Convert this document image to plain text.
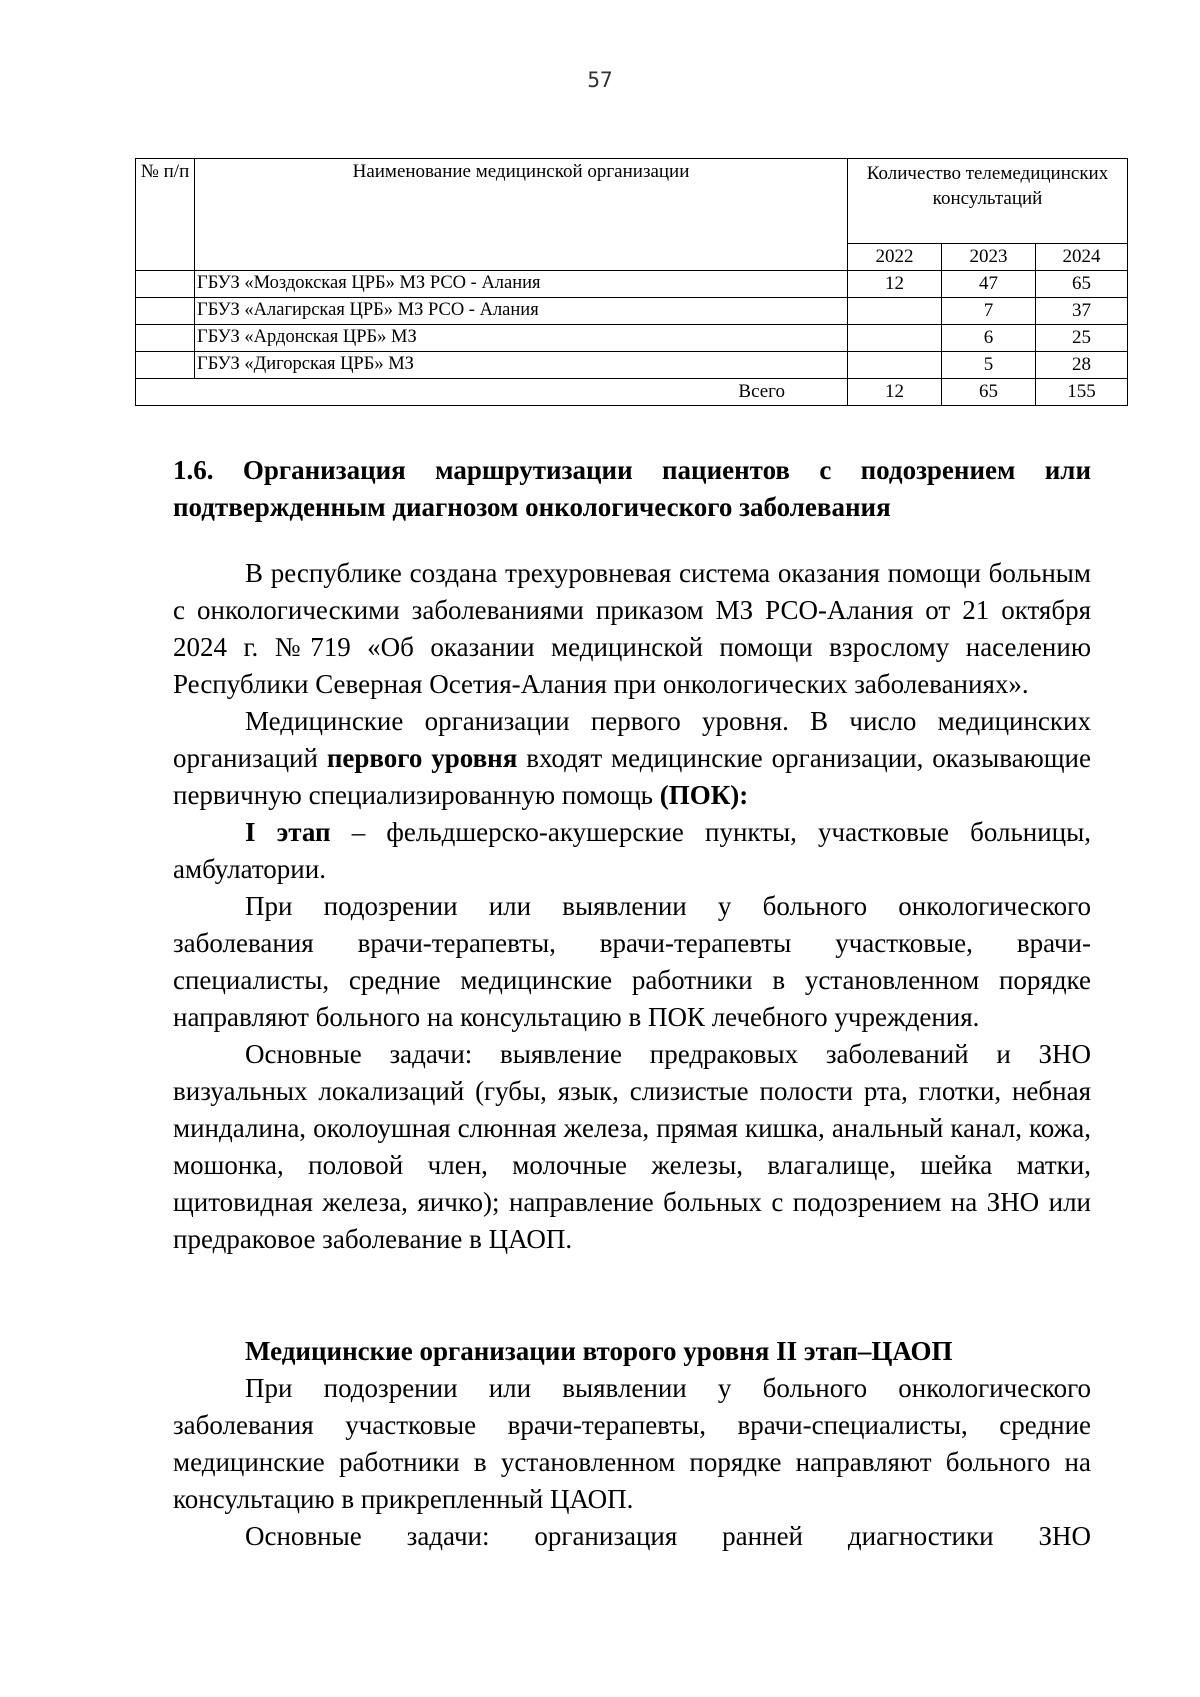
57
№ п/п	Наименование медицинской организации	Количество телемедицинских консультаций		
		2022	2023	2024
	ГБУЗ «Моздокская ЦРБ» МЗ РСО - Алания	12	47	65
	ГБУЗ «Алагирская ЦРБ» МЗ РСО - Алания		7	37
	ГБУЗ «Ардонская ЦРБ» МЗ		6	25
	ГБУЗ «Дигорская ЦРБ» МЗ		5	28
Всего		12	65	155
1.6. Организация маршрутизации пациентов с подозрением или подтвержденным диагнозом онкологического заболевания

В республике создана трехуровневая система оказания помощи больным с онкологическими заболеваниями приказом МЗ РСО-Алания от 21 октября 2024 г. №719 «Об оказании медицинской помощи взрослому населению Республики Северная Осетия-Алания при онкологических заболеваниях».

Медицинские организации первого уровня. В число медицинских организаций первого уровня входят медицинские организации, оказывающие первичную специализированную помощь (ПОК):

I этап – фельдшерско-акушерские пункты, участковые больницы, амбулатории.

При подозрении или выявлении у больного онкологического заболевания врачи-терапевты, врачи-терапевты участковые, врачи-специалисты, средние медицинские работники в установленном порядке направляют больного на консультацию в ПОК лечебного учреждения.

Основные задачи: выявление предраковых заболеваний и ЗНО визуальных локализаций (губы, язык, слизистые полости рта, глотки, небная миндалина, околоушная слюнная железа, прямая кишка, анальный канал, кожа, мошонка, половой член, молочные железы, влагалище, шейка матки, щитовидная железа, яичко); направление больных с подозрением на ЗНО или предраковое заболевание в ЦАОП.

Медицинские организации второго уровня II этап–ЦАОП

При подозрении или выявлении у больного онкологического заболевания участковые врачи-терапевты, врачи-специалисты, средние медицинские работники в установленном порядке направляют больного на консультацию в прикрепленный ЦАОП.

Основные задачи: организация ранней диагностики ЗНО
